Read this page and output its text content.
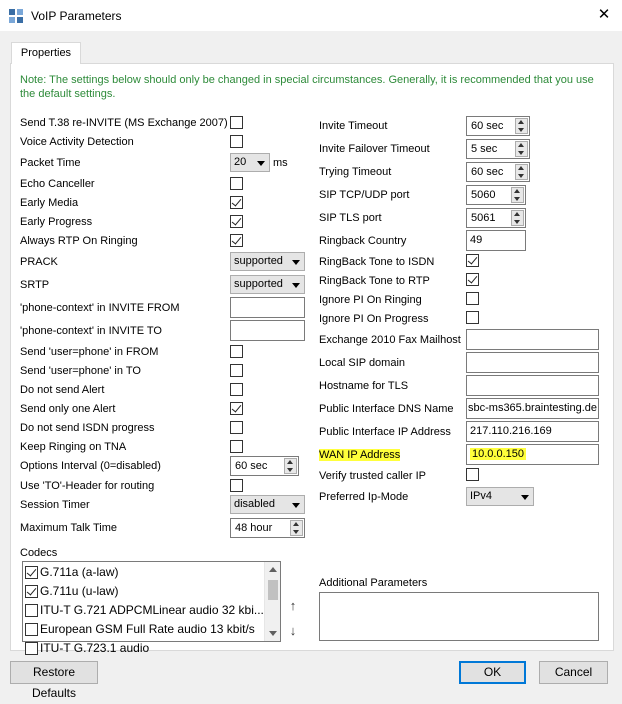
VoIP Parameters	✕
Properties
Note: The settings below should only be changed in special circumstances. Generally, it is recommended that you use the default settings.
Send T.38 re-INVITE (MS Exchange 2007)
Voice Activity Detection
Packet Time	20	ms
Echo Canceller
Early Media
Early Progress
Always RTP On Ringing
PRACK	supported
SRTP	supported
'phone-context' in INVITE FROM
'phone-context' in INVITE TO
Send 'user=phone' in FROM
Send 'user=phone' in TO
Do not send Alert
Send only one Alert
Do not send ISDN progress
Keep Ringing on TNA
Options Interval (0=disabled)	60 sec
Use 'TO'-Header for routing
Session Timer	disabled
Maximum Talk Time	48 hour
Invite Timeout	60 sec
Invite Failover Timeout	5 sec
Trying Timeout	60 sec
SIP TCP/UDP port	5060
SIP TLS port	5061
Ringback Country	49
RingBack Tone to ISDN
RingBack Tone to RTP
Ignore PI On Ringing
Ignore PI On Progress
Exchange 2010 Fax Mailhost
Local SIP domain
Hostname for TLS
Public Interface DNS Name sbc-ms365.braintesting.de
Public Interface IP Address	217.110.216.169
WAN IP Address	10.0.0.150
Verify trusted caller IP
Preferred Ip-Mode	IPv4
Codecs
G.711a (a-law)
G.711u (u-law)
ITU-T G.721 ADPCMLinear audio 32 kbi...
European GSM Full Rate audio 13 kbit/s
ITU-T G.723.1 audio
↑
↓
Additional Parameters
Restore Defaults
OK	Cancel
